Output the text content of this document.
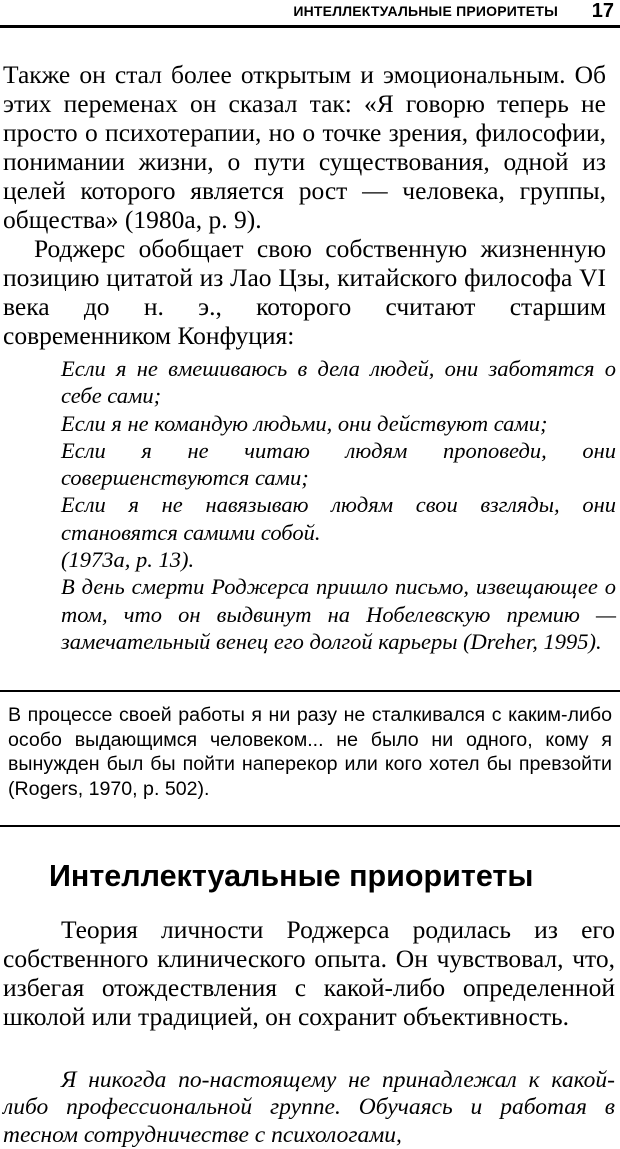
ИНТЕЛЛЕКТУАЛЬНЫЕ ПРИОРИТЕТЫ 17

Также он стал более открытым и эмоциональным. Об этих переменах он сказал так: «Я говорю теперь не просто о психотерапии, но о точке зрения, философии, понимании жизни, о пути существования, одной из целей которого является рост — человека, группы, общества» (1980а, р. 9).

Роджерс обобщает свою собственную жизненную позицию цитатой из Лао Цзы, китайского философа VI века до н. э., которого считают старшим современником Конфуция:

Если я не вмешиваюсь в дела людей, они заботятся о себе сами;
Если я не командую людьми, они действуют сами;
Если я не читаю людям проповеди, они совершенствуются сами;
Если я не навязываю людям свои взгляды, они становятся самими собой.
(1973а, р. 13).
В день смерти Роджерса пришло письмо, извещающее о том, что он выдвинут на Нобелевскую премию — замечательный венец его долгой карьеры (Dreher, 1995).
В процессе своей работы я ни разу не сталкивался с каким-либо особо выдающимся человеком... не было ни одного, кому я вынужден был бы пойти наперекор или кого хотел бы превзойти (Rogers, 1970, p. 502).
Интеллектуальные приоритеты

Теория личности Роджерса родилась из его собственного клинического опыта. Он чувствовал, что, избегая отождествления с какой-либо определенной школой или традицией, он сохранит объективность.

Я никогда по-настоящему не принадлежал к какой-либо профессиональной группе. Обучаясь и работая в тесном сотрудничестве с психологами,
